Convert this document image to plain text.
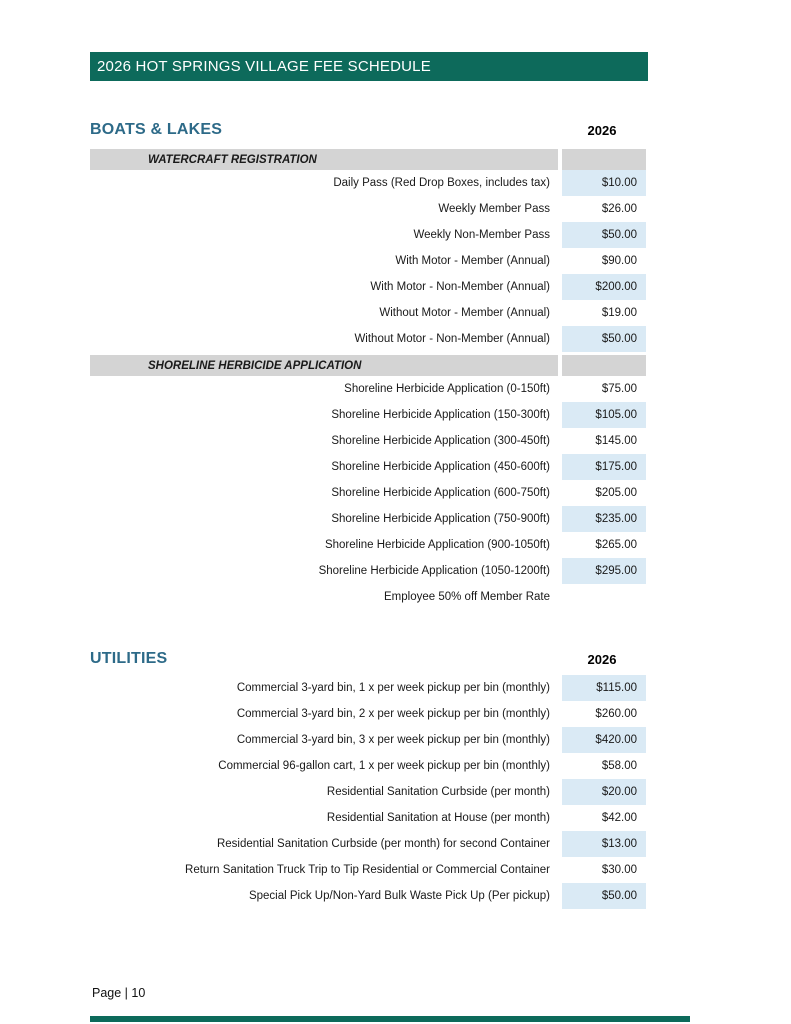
2026 HOT SPRINGS VILLAGE FEE SCHEDULE
BOATS & LAKES	2026
WATERCRAFT REGISTRATION
Daily Pass (Red Drop Boxes, includes tax)	$10.00
Weekly Member Pass	$26.00
Weekly Non-Member Pass	$50.00
With Motor - Member (Annual)	$90.00
With Motor - Non-Member (Annual)	$200.00
Without Motor - Member (Annual)	$19.00
Without Motor - Non-Member (Annual)	$50.00
SHORELINE HERBICIDE APPLICATION
Shoreline Herbicide Application (0-150ft)	$75.00
Shoreline Herbicide Application (150-300ft)	$105.00
Shoreline Herbicide Application (300-450ft)	$145.00
Shoreline Herbicide Application (450-600ft)	$175.00
Shoreline Herbicide Application (600-750ft)	$205.00
Shoreline Herbicide Application (750-900ft)	$235.00
Shoreline Herbicide Application (900-1050ft)	$265.00
Shoreline Herbicide Application (1050-1200ft)	$295.00
Employee 50% off Member Rate
UTILITIES	2026
Commercial 3-yard bin, 1 x per week pickup per bin (monthly)	$115.00
Commercial 3-yard bin, 2 x per week pickup per bin (monthly)	$260.00
Commercial 3-yard bin, 3 x per week pickup per bin (monthly)	$420.00
Commercial 96-gallon cart, 1 x per week pickup per bin (monthly)	$58.00
Residential Sanitation Curbside (per month)	$20.00
Residential Sanitation at House (per month)	$42.00
Residential Sanitation Curbside (per month) for second Container	$13.00
Return Sanitation Truck Trip to Tip Residential or Commercial Container	$30.00
Special Pick Up/Non-Yard Bulk Waste Pick Up (Per pickup)	$50.00
Page | 10
